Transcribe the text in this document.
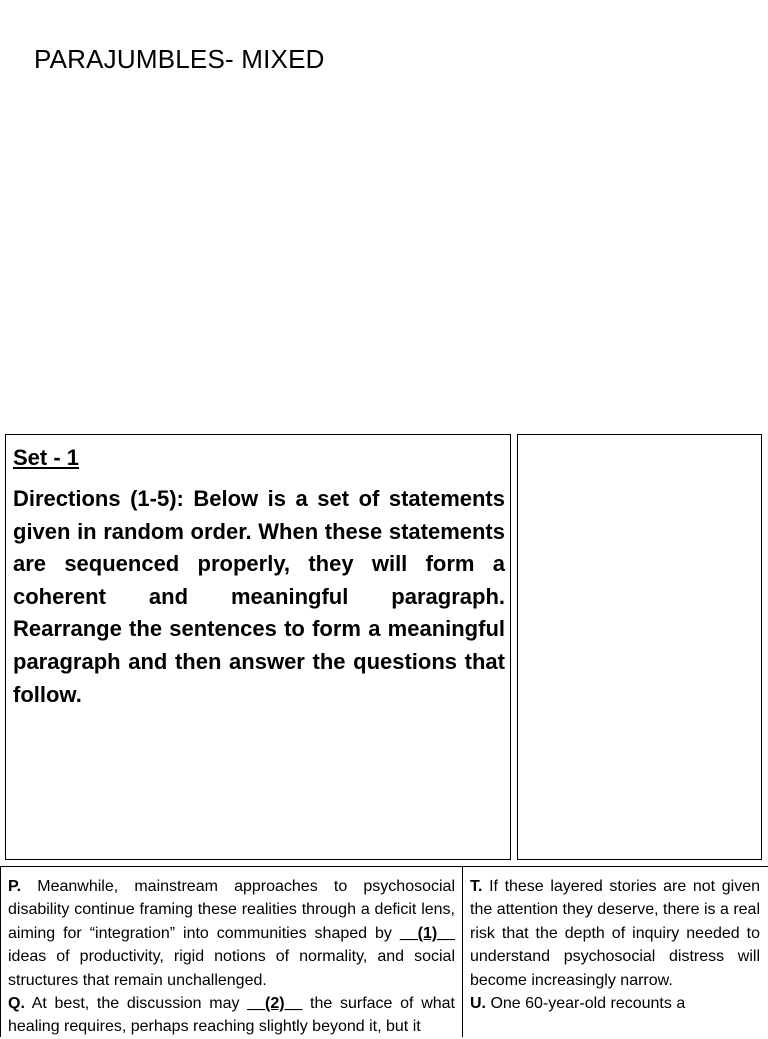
PARAJUMBLES- MIXED
Set - 1

Directions (1-5): Below is a set of statements given in random order. When these statements are sequenced properly, they will form a coherent and meaningful paragraph. Rearrange the sentences to form a meaningful paragraph and then answer the questions that follow.

P. Meanwhile, mainstream approaches to psychosocial disability continue framing these realities through a deficit lens, aiming for “integration” into communities shaped by __(1)__ ideas of productivity, rigid notions of normality, and social structures that remain unchallenged.

Q. At best, the discussion may __(2)__ the surface of what healing requires, perhaps reaching slightly beyond it, but it

T. If these layered stories are not given the attention they deserve, there is a real risk that the depth of inquiry needed to understand psychosocial distress will become increasingly narrow.

U. One 60-year-old recounts a
